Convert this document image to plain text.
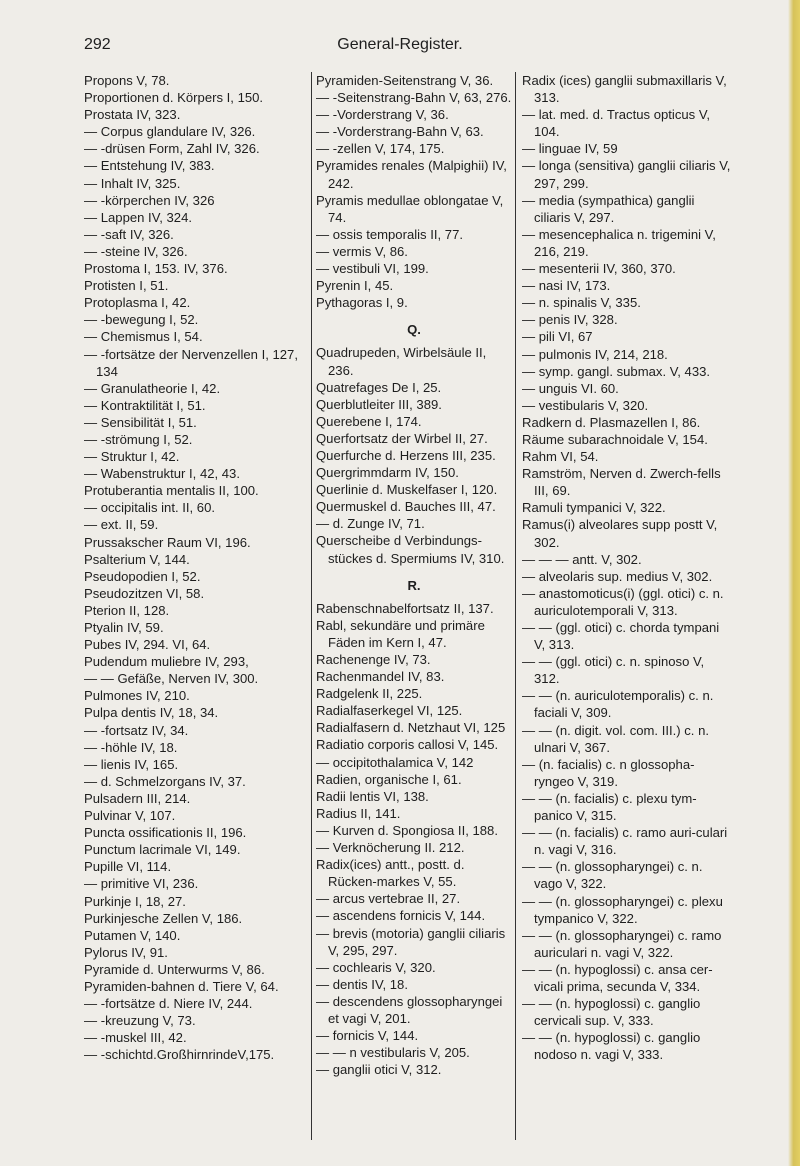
292	General-Register.

Propons V, 78.

Proportionen d. Körpers I, 150.

Prostata IV, 323.

— Corpus glandulare IV, 326.

— -drüsen Form, Zahl IV, 326.

— Entstehung IV, 383.

— Inhalt IV, 325.

— -körperchen IV, 326

— Lappen IV, 324.

— -saft IV, 326.

— -steine IV, 326.

Prostoma I, 153. IV, 376.

Protisten I, 51.

Protoplasma I, 42.

— -bewegung I, 52.

— Chemismus I, 54.

— -fortsätze der Nervenzellen I, 127, 134

— Granulatheorie I, 42.

— Kontraktilität I, 51.

— Sensibilität I, 51.

— -strömung I, 52.

— Struktur I, 42.

— Wabenstruktur I, 42, 43.

Protuberantia mentalis II, 100.

— occipitalis int. II, 60.

— ext. II, 59.

Prussakscher Raum VI, 196.

Psalterium V, 144.

Pseudopodien I, 52.

Pseudozitzen VI, 58.

Pterion II, 128.

Ptyalin IV, 59.

Pubes IV, 294. VI, 64.

Pudendum muliebre IV, 293,

— — Gefäße, Nerven IV, 300.

Pulmones IV, 210.

Pulpa dentis IV, 18, 34.

— -fortsatz IV, 34.

— -höhle IV, 18.

— lienis IV, 165.

— d. Schmelzorgans IV, 37.

Pulsadern III, 214.

Pulvinar V, 107.

Puncta ossificationis II, 196.

Punctum lacrimale VI, 149.

Pupille VI, 114.

— primitive VI, 236.

Purkinje I, 18, 27.

Purkinjesche Zellen V, 186.

Putamen V, 140.

Pylorus IV, 91.

Pyramide d. Unterwurms V, 86.

Pyramiden-bahnen d. Tiere V, 64.

— -fortsätze d. Niere IV, 244.

— -kreuzung V, 73.

— -muskel III, 42.

— -schichtd.GroßhirnrindeV,175.

Pyramiden-Seitenstrang V, 36.

— -Seitenstrang-Bahn V, 63, 276.

— -Vorderstrang V, 36.

— -Vorderstrang-Bahn V, 63.

— -zellen V, 174, 175.

Pyramides renales (Malpighii) IV, 242.

Pyramis medullae oblongatae V, 74.

— ossis temporalis II, 77.

— vermis V, 86.

— vestibuli VI, 199.

Pyrenin I, 45.

Pythagoras I, 9.

Q.

Quadrupeden, Wirbelsäule II, 236.

Quatrefages De I, 25.

Querblutleiter III, 389.

Querebene I, 174.

Querfortsatz der Wirbel II, 27.

Querfurche d. Herzens III, 235.

Quergrimmdarm IV, 150.

Querlinie d. Muskelfaser I, 120.

Quermuskel d. Bauches III, 47.

— d. Zunge IV, 71.

Querscheibe d Verbindungs-stückes d. Spermiums IV, 310.

R.

Rabenschnabelfortsatz II, 137.

Rabl, sekundäre und primäre Fäden im Kern I, 47.

Rachenenge IV, 73.

Rachenmandel IV, 83.

Radgelenk II, 225.

Radialfaserkegel VI, 125.

Radialfasern d. Netzhaut VI, 125

Radiatio corporis callosi V, 145.

— occipitothalamica V, 142

Radien, organische I, 61.

Radii lentis VI, 138.

Radius II, 141.

— Kurven d. Spongiosa II, 188.

— Verknöcherung II. 212.

Radix(ices) antt., postt. d. Rücken-markes V, 55.

— arcus vertebrae II, 27.

— ascendens fornicis V, 144.

— brevis (motoria) ganglii ciliaris V, 295, 297.

— cochlearis V, 320.

— dentis IV, 18.

— descendens glossopharyngei et vagi V, 201.

— fornicis V, 144.

— — n vestibularis V, 205.

— ganglii otici V, 312.

Radix (ices) ganglii submaxillaris V, 313.

— lat. med. d. Tractus opticus V, 104.

— linguae IV, 59

— longa (sensitiva) ganglii ciliaris V, 297, 299.

— media (sympathica) ganglii ciliaris V, 297.

— mesencephalica n. trigemini V, 216, 219.

— mesenterii IV, 360, 370.

— nasi IV, 173.

— n. spinalis V, 335.

— penis IV, 328.

— pili VI, 67

— pulmonis IV, 214, 218.

— symp. gangl. submax. V, 433.

— unguis VI. 60.

— vestibularis V, 320.

Radkern d. Plasmazellen I, 86.

Räume subarachnoidale V, 154.

Rahm VI, 54.

Ramström, Nerven d. Zwerch-fells III, 69.

Ramuli tympanici V, 322.

Ramus(i) alveolares supp postt V, 302.

— — — antt. V, 302.

— alveolaris sup. medius V, 302.

— anastomoticus(i) (ggl. otici) c. n. auriculotemporali V, 313.

— — (ggl. otici) c. chorda tympani V, 313.

— — (ggl. otici) c. n. spinoso V, 312.

— — (n. auriculotemporalis) c. n. faciali V, 309.

— — (n. digit. vol. com. III.) c. n. ulnari V, 367.

— (n. facialis) c. n glossopha-ryngeo V, 319.

— — (n. facialis) c. plexu tym-panico V, 315.

— — (n. facialis) c. ramo auri-culari n. vagi V, 316.

— — (n. glossopharyngei) c. n. vago V, 322.

— — (n. glossopharyngei) c. plexu tympanico V, 322.

— — (n. glossopharyngei) c. ramo auriculari n. vagi V, 322.

— — (n. hypoglossi) c. ansa cer-vicali prima, secunda V, 334.

— — (n. hypoglossi) c. ganglio cervicali sup. V, 333.

— — (n. hypoglossi) c. ganglio nodoso n. vagi V, 333.
